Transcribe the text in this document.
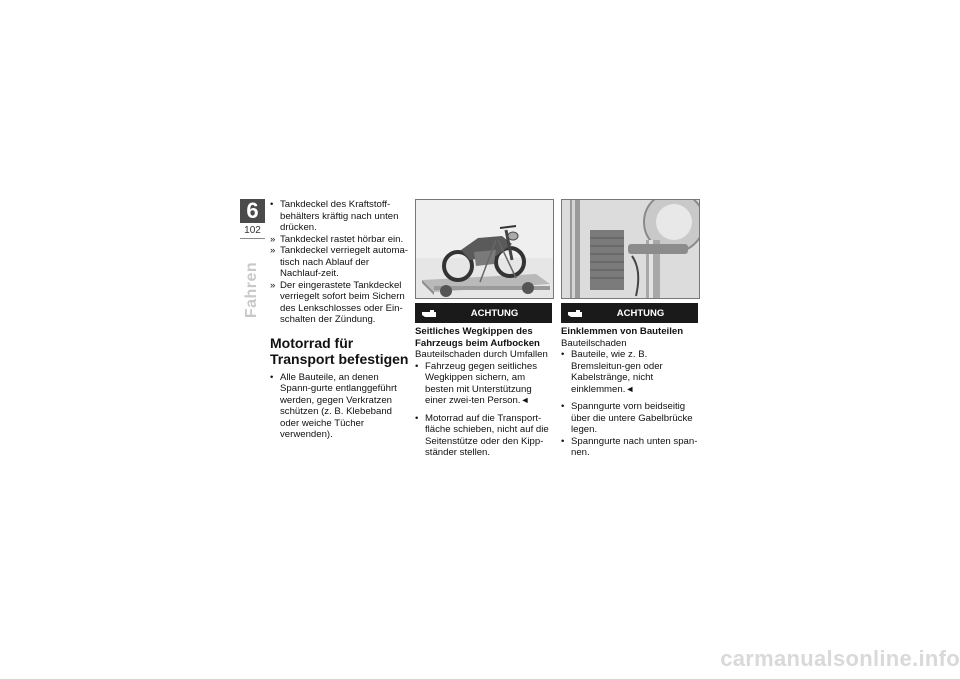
6
102
Fahren
• Tankdeckel des Kraftstoff-behälters kräftig nach unten drücken.
» Tankdeckel rastet hörbar ein.
» Tankdeckel verriegelt automa-tisch nach Ablauf der Nachlauf-zeit.
» Der eingerastete Tankdeckel verriegelt sofort beim Sichern des Lenkschlosses oder Ein-schalten der Zündung.
Motorrad für Transport befestigen
• Alle Bauteile, an denen Spann-gurte entlanggeführt werden, gegen Verkratzen schützen (z. B. Klebeband oder weiche Tücher verwenden).
ACHTUNG	ACHTUNG
Seitliches Wegkippen des Fahrzeugs beim Aufbocken
Bauteilschaden durch Umfallen
• Fahrzeug gegen seitliches Wegkippen sichern, am besten mit Unterstützung einer zwei-ten Person.◄
• Motorrad auf die Transport-fläche schieben, nicht auf die Seitenstütze oder den Kipp-ständer stellen.
Einklemmen von Bauteilen
Bauteilschaden
• Bauteile, wie z. B. Bremsleitun-gen oder Kabelstränge, nicht einklemmen.◄
• Spanngurte vorn beidseitig über die untere Gabelbrücke legen.
• Spanngurte nach unten span-nen.
carmanualsonline.info
